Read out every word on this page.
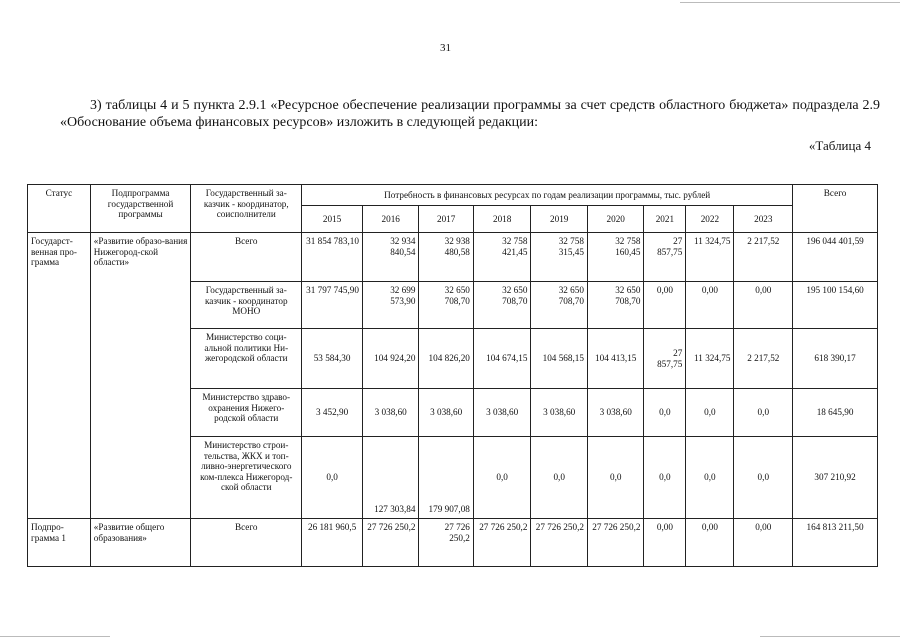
31
3) таблицы 4 и 5 пункта 2.9.1 «Ресурсное обеспечение реализации программы за счет средств областного бюджета» подраздела 2.9 «Обоснование объема финансовых ресурсов» изложить в следующей редакции:
«Таблица 4
Статус	Подпрограмма государственной программы	Государственный за-казчик - координатор, соисполнители	Потребность в финансовых ресурсах по годам реализации программы, тыс. рублей									Всего
			2015	2016	2017	2018	2019	2020	2021	2022	2023	
Государст-венная про-грамма	«Развитие образо-вания Нижегород-ской области»	Всего	31 854 783,10	32 934 840,54	32 938 480,58	32 758 421,45	32 758 315,45	32 758 160,45	27 857,75	11 324,75	2 217,52	196 044 401,59
		Государственный за-казчик - координатор МОНО	31 797 745,90	32 699 573,90	32 650 708,70	32 650 708,70	32 650 708,70	32 650 708,70	0,00	0,00	0,00	195 100 154,60
		Министерство соци-альной политики Ни-жегородской области	53 584,30	104 924,20	104 826,20	104 674,15	104 568,15	104 413,15	27 857,75	11 324,75	2 217,52	618 390,17
		Министерство здраво-охранения Нижего-родской области	3 452,90	3 038,60	3 038,60	3 038,60	3 038,60	3 038,60	0,0	0,0	0,0	18 645,90
		Министерство строи-тельства, ЖКХ и топ-ливно-энергетического ком-плекса Нижегород-ской области	0,0	127 303,84	179 907,08	0,0	0,0	0,0	0,0	0,0	0,0	307 210,92
Подпро-грамма 1	«Развитие общего образования»	Всего	26 181 960,5	27 726 250,2	27 726 250,2	27 726 250,2	27 726 250,2	27 726 250,2	0,00	0,00	0,00	164 813 211,50
